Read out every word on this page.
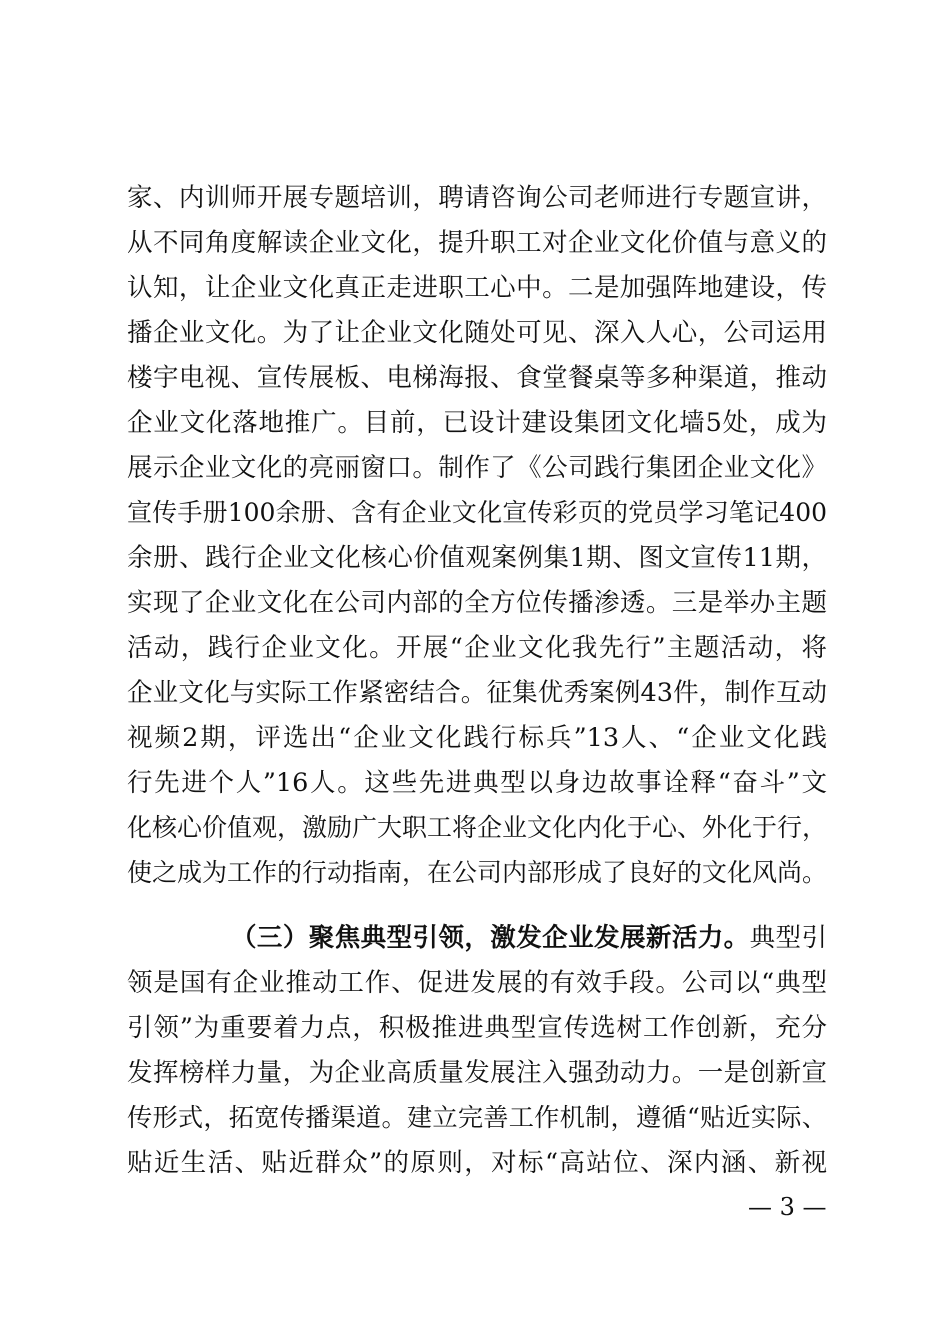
家、内训师开展专题培训，聘请咨询公司老师进行专题宣讲，
从不同角度解读企业文化，提升职工对企业文化价值与意义的
认知，让企业文化真正走进职工心中。二是加强阵地建设，传
播企业文化。为了让企业文化随处可见、深入人心，公司运用
楼宇电视、宣传展板、电梯海报、食堂餐桌等多种渠道，推动
企业文化落地推广。目前，已设计建设集团文化墙5处，成为
展示企业文化的亮丽窗口。制作了《公司践行集团企业文化》
宣传手册100余册、含有企业文化宣传彩页的党员学习笔记400
余册、践行企业文化核心价值观案例集1期、图文宣传11期，
实现了企业文化在公司内部的全方位传播渗透。三是举办主题
活动，践行企业文化。开展“企业文化我先行”主题活动，将
企业文化与实际工作紧密结合。征集优秀案例43件，制作互动
视频2期，评选出“企业文化践行标兵”13人、“企业文化践
行先进个人”16人。这些先进典型以身边故事诠释“奋斗”文
化核心价值观，激励广大职工将企业文化内化于心、外化于行，
使之成为工作的行动指南，在公司内部形成了良好的文化风尚。
（三）聚焦典型引领，激发企业发展新活力。典型引
领是国有企业推动工作、促进发展的有效手段。公司以“典型
引领”为重要着力点，积极推进典型宣传选树工作创新，充分
发挥榜样力量，为企业高质量发展注入强劲动力。一是创新宣
传形式，拓宽传播渠道。建立完善工作机制，遵循“贴近实际、
贴近生活、贴近群众”的原则，对标“高站位、深内涵、新视
— 3 —
